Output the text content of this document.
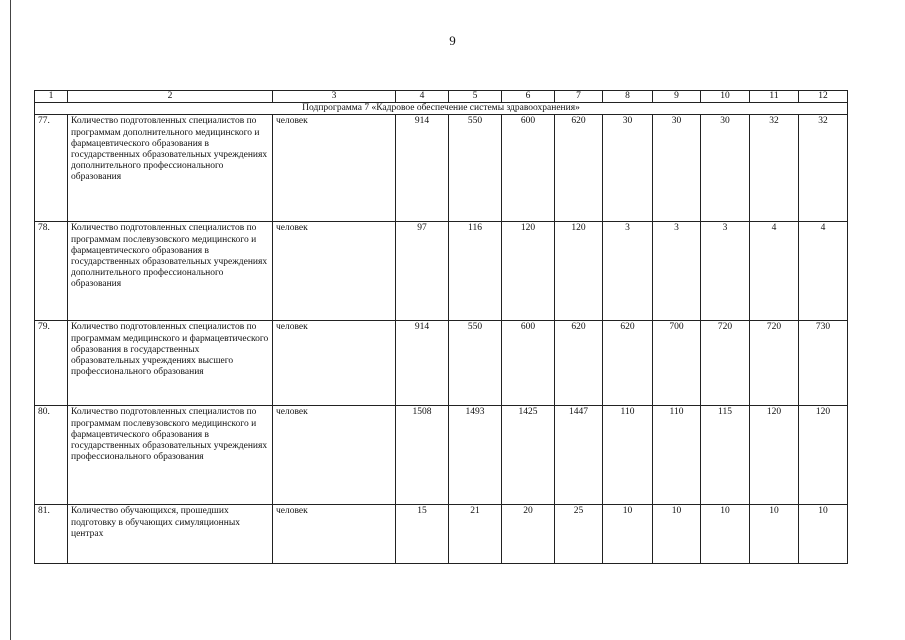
9
1	2	3	4	5	6	7	8	9	10	11	12
Подпрограмма 7 «Кадровое обеспечение системы здравоохранения»											
77.	Количество подготовленных специалистов по программам дополнительного медицинского и фармацевтического образования в государственных образовательных учреждениях дополнительного профессионального образования	человек	914	550	600	620	30	30	30	32	32
78.	Количество подготовленных специалистов по программам послевузовского медицинского и фармацевтического образования в государственных образовательных учреждениях дополнительного профессионального образования	человек	97	116	120	120	3	3	3	4	4
79.	Количество подготовленных специалистов по программам медицинского и фармацевтического образования в государственных образовательных учреждениях высшего профессионального образования	человек	914	550	600	620	620	700	720	720	730
80.	Количество подготовленных специалистов по программам послевузовского медицинского и фармацевтического образования в государственных образовательных учреждениях профессионального образования	человек	1508	1493	1425	1447	110	110	115	120	120
81.	Количество обучающихся, прошедших подготовку в обучающих симуляционных центрах	человек	15	21	20	25	10	10	10	10	10
